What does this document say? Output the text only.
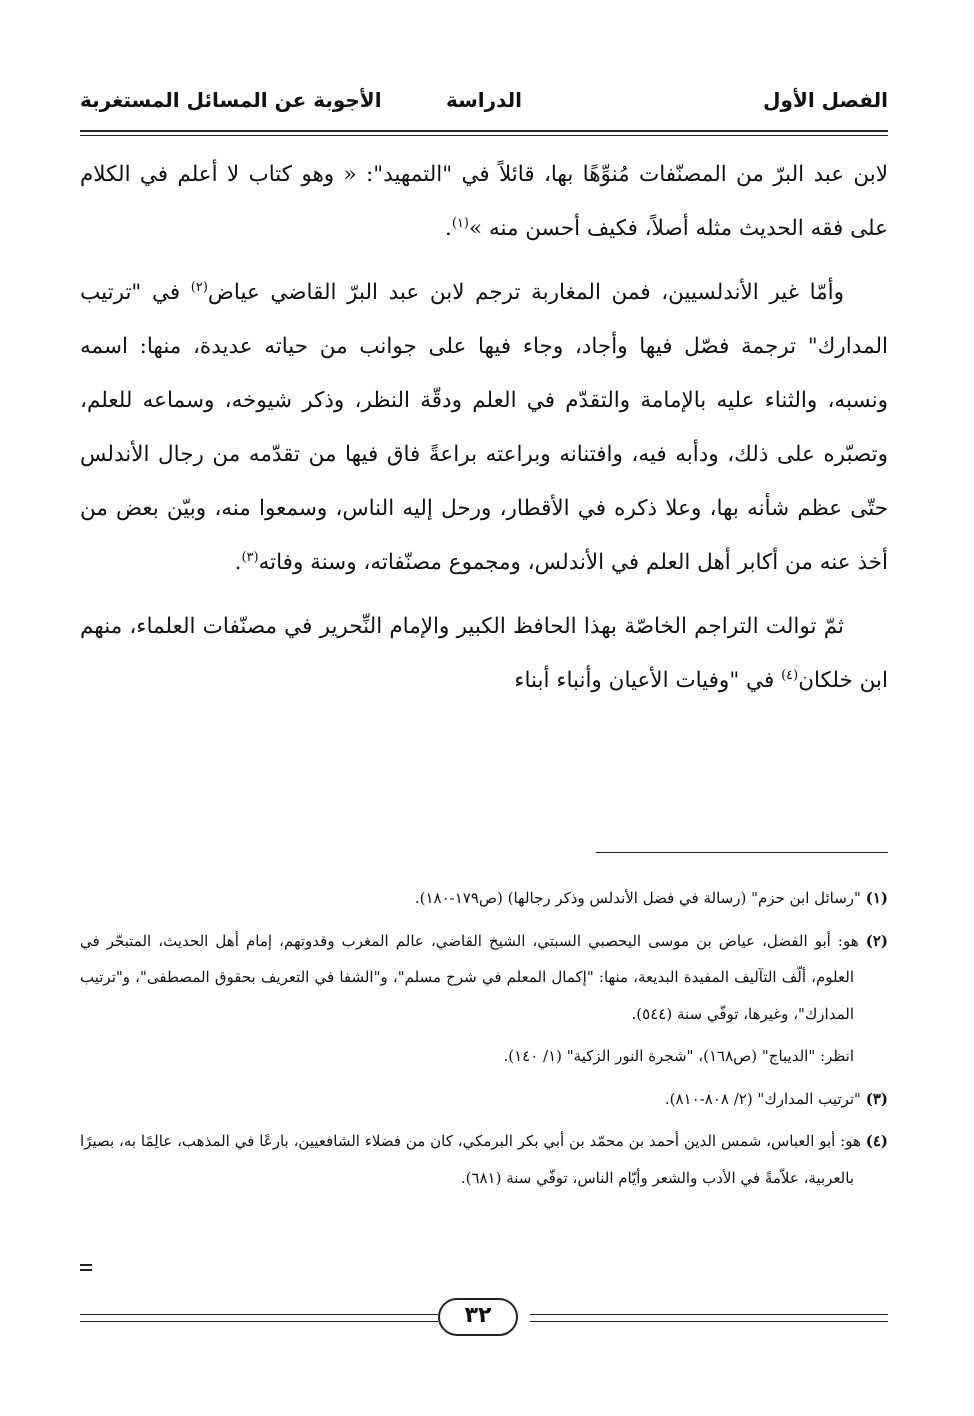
الفصل الأول
الدراسة
الأجوبة عن المسائل المستغربة

لابن عبد البرّ من المصنّفات مُنوِّهًا بها، قائلاً في "التمهيد": « وهو كتاب لا أعلم في الكلام على فقه الحديث مثله أصلاً، فكيف أحسن منه »$^{(١)}$.

وأمّا غير الأندلسيين، فمن المغاربة ترجم لابن عبد البرّ القاضي عياض$^{(٢)}$ في "ترتيب المدارك" ترجمة فصّل فيها وأجاد، وجاء فيها على جوانب من حياته عديدة، منها: اسمه ونسبه، والثناء عليه بالإمامة والتقدّم في العلم ودقّة النظر، وذكر شيوخه، وسماعه للعلم، وتصبّره على ذلك، ودأبه فيه، وافتنانه وبراعته براعةً فاق فيها من تقدّمه من رجال الأندلس حتّى عظم شأنه بها، وعلا ذكره في الأقطار، ورحل إليه الناس، وسمعوا منه، وبيّن بعض من أخذ عنه من أكابر أهل العلم في الأندلس، ومجموع مصنّفاته، وسنة وفاته$^{(٣)}$.

ثمّ توالت التراجم الخاصّة بهذا الحافظ الكبير والإمام النِّحرير في مصنّفات العلماء، منهم ابن خلكان$^{(٤)}$ في "وفيات الأعيان وأنباء أبناء

(١) "رسائل ابن حزم" (رسالة في فضل الأندلس وذكر رجالها) (ص١٧٩-١٨٠).

(٢) هو: أبو الفضل، عياض بن موسى اليحصبي السبتي، الشيخ القاضي، عالم المغرب وقدوتهم، إمام أهل الحديث، المتبحّر في العلوم، ألّف التآليف المفيدة البديعة، منها: "إكمال المعلم في شرح مسلم"، و"الشفا في التعريف بحقوق المصطفى"، و"ترتيب المدارك"، وغيرها، توفّي سنة (٥٤٤).

انظر: "الديباج" (ص١٦٨)، "شجرة النور الزكية" (١/ ١٤٠).

(٣) "ترتيب المدارك" (٢/ ٨٠٨-٨١٠).

(٤) هو: أبو العباس، شمس الدين أحمد بن محمّد بن أبي بكر البرمكي، كان من فضلاء الشافعيين، بارعًا في المذهب، عالِمًا به، بصيرًا بالعربية، علاّمةً في الأدب والشعر وأيّام الناس، توفّي سنة (٦٨١).

٣٢
